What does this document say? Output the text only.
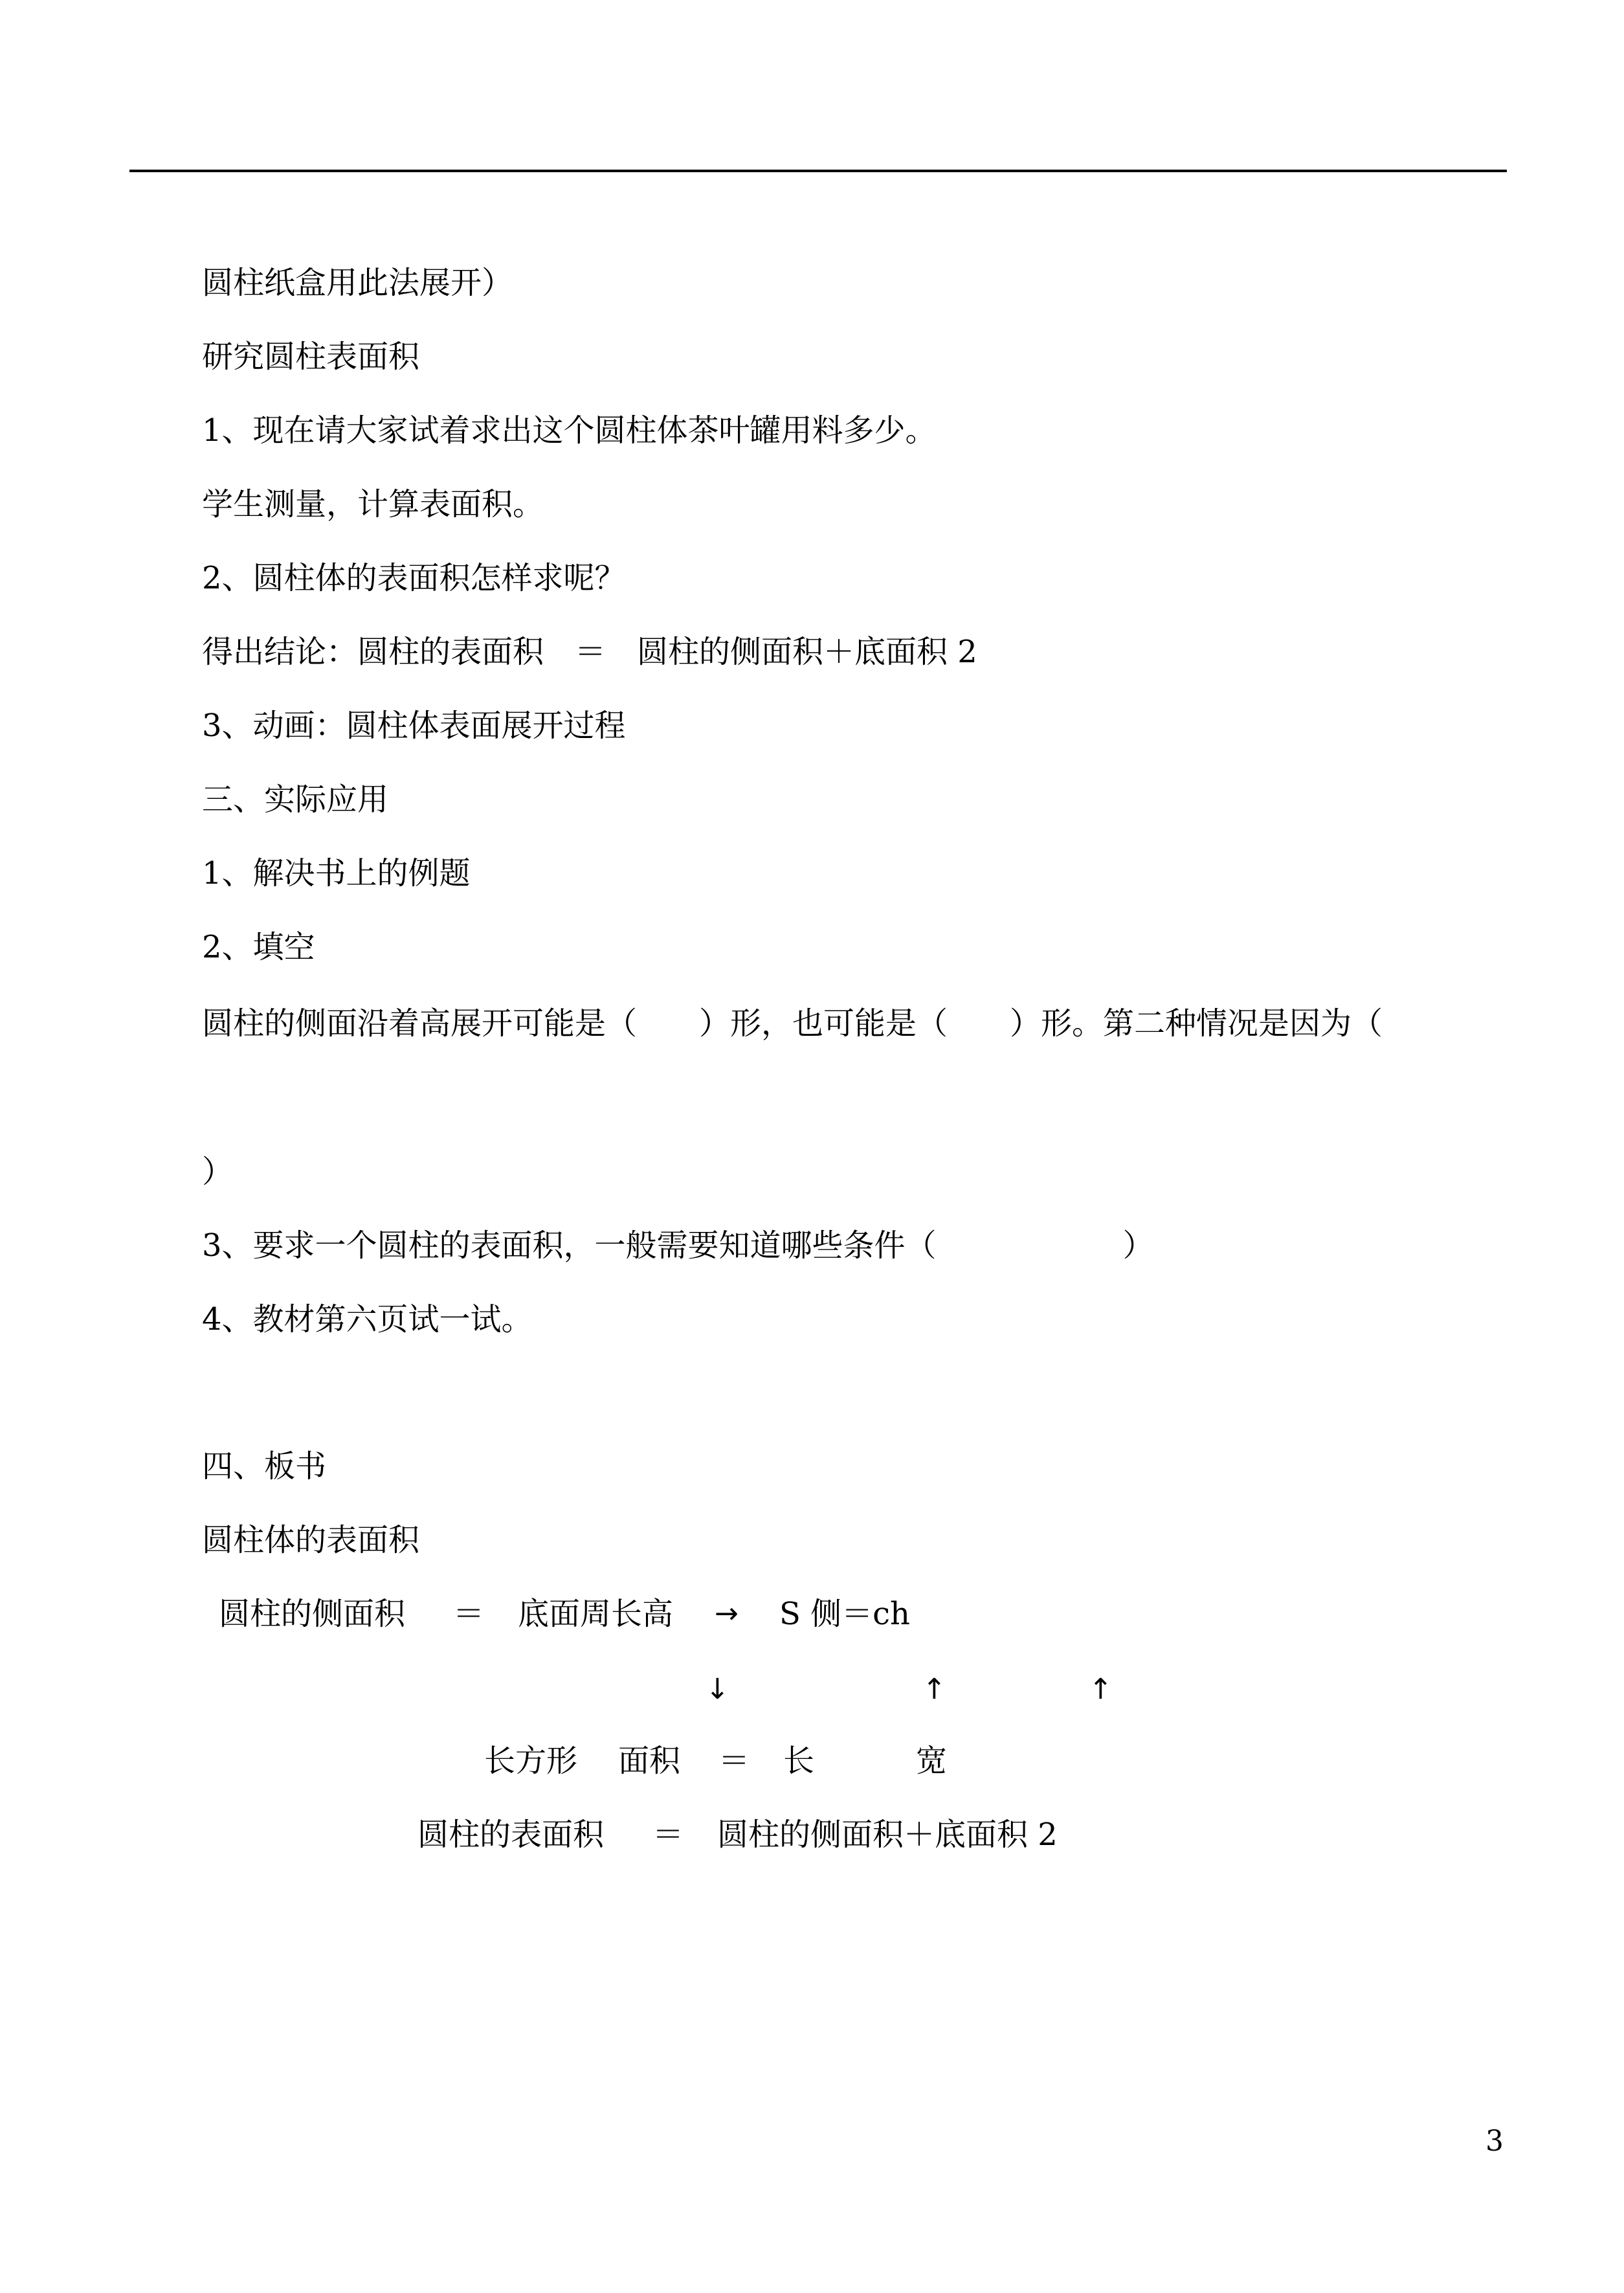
圆柱纸盒用此法展开）
研究圆柱表面积
1、现在请大家试着求出这个圆柱体茶叶罐用料多少。
学生测量，计算表面积。
2、圆柱体的表面积怎样求呢？
得出结论：圆柱的表面积　＝　圆柱的侧面积＋底面积 2
3、动画：圆柱体表面展开过程
三、实际应用
1、解决书上的例题
2、填空
圆柱的侧面沿着高展开可能是（　　）形，也可能是（　　）形。第二种情况是因为（
）
3、要求一个圆柱的表面积，一般需要知道哪些条件（　　　　　　）
4、教材第六页试一试。
四、板书
圆柱体的表面积
圆柱的侧面积 ＝ 底面周长高 → S 侧＝ch
↓	↑	↑
长方形 面积 ＝ 长	宽
圆柱的表面积 ＝ 圆柱的侧面积＋底面积 2
3
